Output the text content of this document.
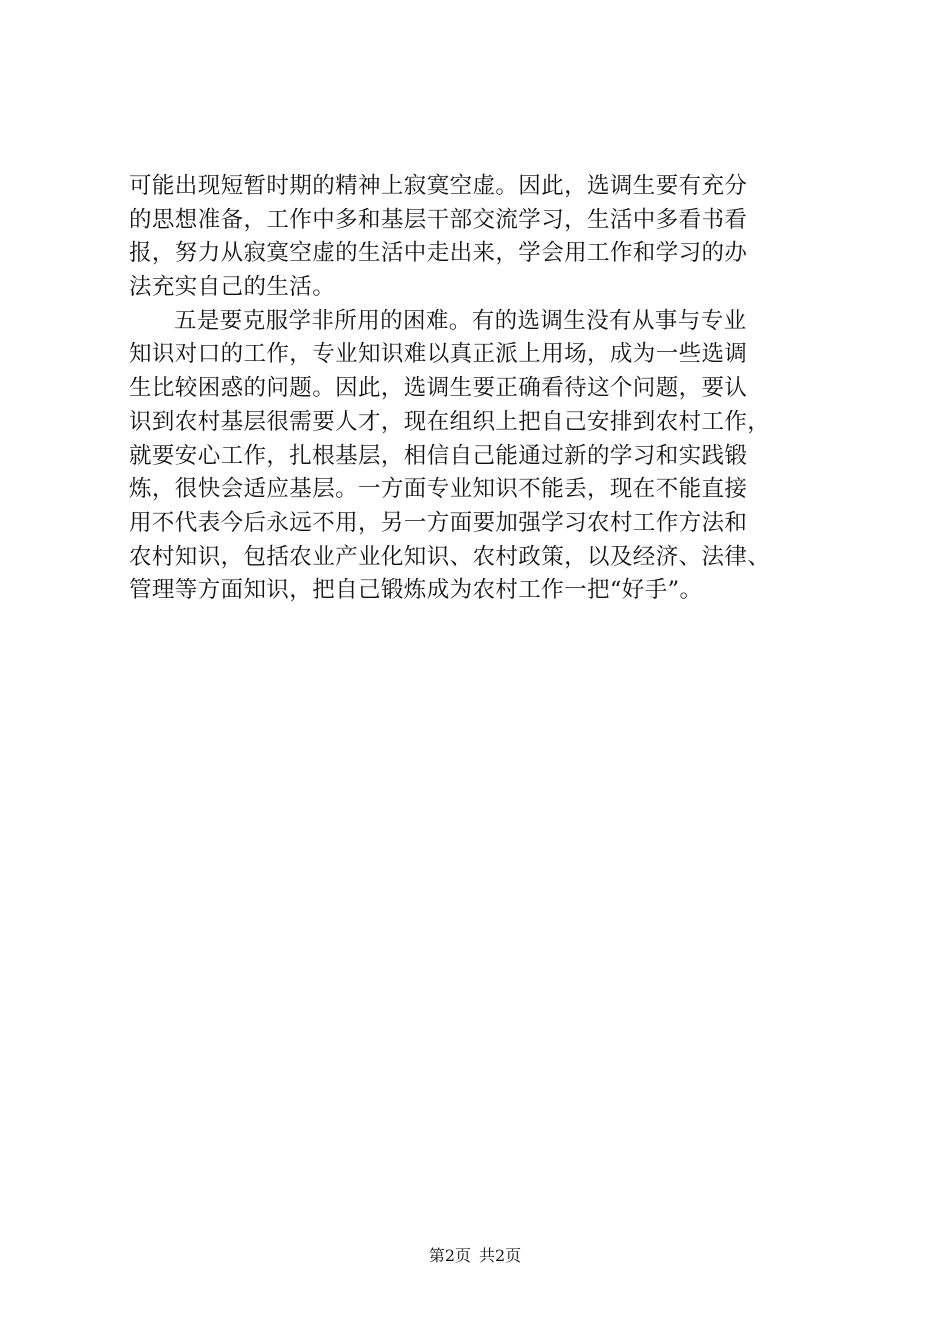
可能出现短暂时期的精神上寂寞空虚。因此，选调生要有充分
的思想准备，工作中多和基层干部交流学习，生活中多看书看
报，努力从寂寞空虚的生活中走出来，学会用工作和学习的办
法充实自己的生活。
五是要克服学非所用的困难。有的选调生没有从事与专业
知识对口的工作，专业知识难以真正派上用场，成为一些选调
生比较困惑的问题。因此，选调生要正确看待这个问题，要认
识到农村基层很需要人才，现在组织上把自己安排到农村工作，
就要安心工作，扎根基层，相信自己能通过新的学习和实践锻
炼，很快会适应基层。一方面专业知识不能丢，现在不能直接
用不代表今后永远不用，另一方面要加强学习农村工作方法和
农村知识，包括农业产业化知识、农村政策，以及经济、法律、
管理等方面知识，把自己锻炼成为农村工作一把“好手”。
第2页 共2页
